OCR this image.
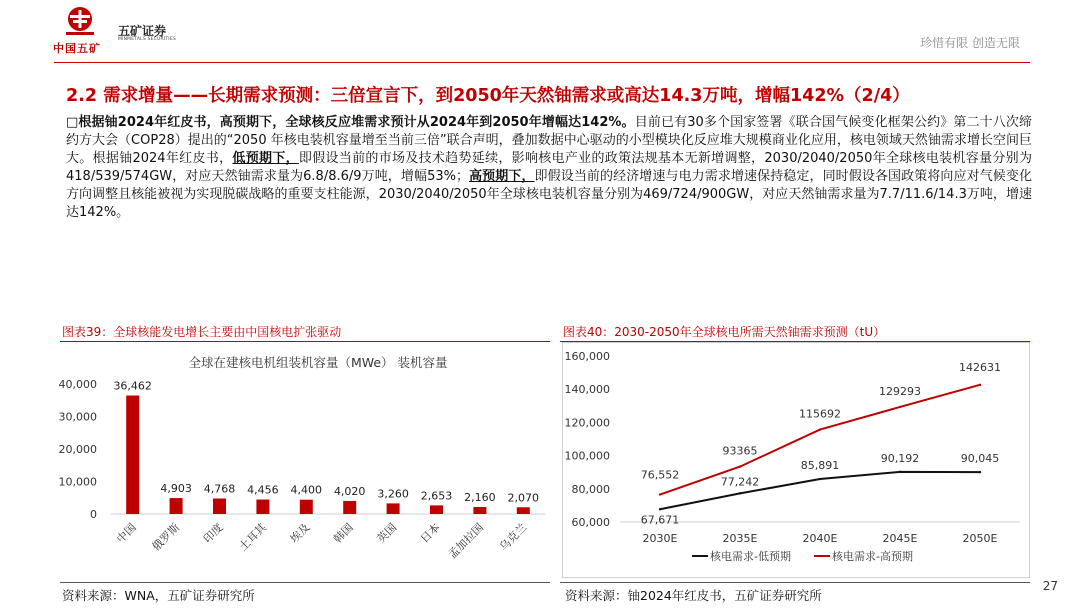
中国五矿
五矿证券
MINMETALS SECURITIES	珍惜有限 创造无限
2.2 需求增量——长期需求预测：三倍宣言下，到2050年天然铀需求或高达14.3万吨，增幅142%（2/4）
□根据铀2024年红皮书，高预期下，全球核反应堆需求预计从2024年到2050年增幅达142%。目前已有30多个国家签署《联合国气候变化框架公约》第二十八次缔约方大会（COP28）提出的“2050 年核电装机容量增至当前三倍”联合声明，叠加数据中心驱动的小型模块化反应堆大规模商业化应用，核电领域天然铀需求增长空间巨大。根据铀2024年红皮书，低预期下，即假设当前的市场及技术趋势延续，影响核电产业的政策法规基本无新增调整，2030/2040/2050年全球核电装机容量分别为418/539/574GW，对应天然铀需求量为6.8/8.6/9万吨，增幅53%；高预期下，即假设当前的经济增速与电力需求增速保持稳定，同时假设各国政策将向应对气候变化方向调整且核能被视为实现脱碳战略的重要支柱能源，2030/2040/2050年全球核电装机容量分别为469/724/900GW，对应天然铀需求量为7.7/11.6/14.3万吨，增速达142%。
图表39：全球核能发电增长主要由中国核电扩张驱动
全球在建核电机组装机容量（MWe） 装机容量
0
10,000
20,000
30,000
40,000 36,462
中国
4,903
俄罗斯
4,768
印度
4,456
土耳其
4,400
埃及
4,020
韩国
3,260
英国
2,653
日本
2,160
孟加拉国
2,070
乌克兰
资料来源：WNA，五矿证券研究所
图表40：2030-2050年全球核电所需天然铀需求预测（tU）
60,000
80,000
100,000
120,000
140,000
160,000
2030E	2035E	2040E	2045E	2050E
67,671
77,242
85,891
90,192	90,045
76,552
93365
115692
129293
142631
核电需求-低预期	核电需求-高预期
资料来源：铀2024年红皮书，五矿证券研究所
27
